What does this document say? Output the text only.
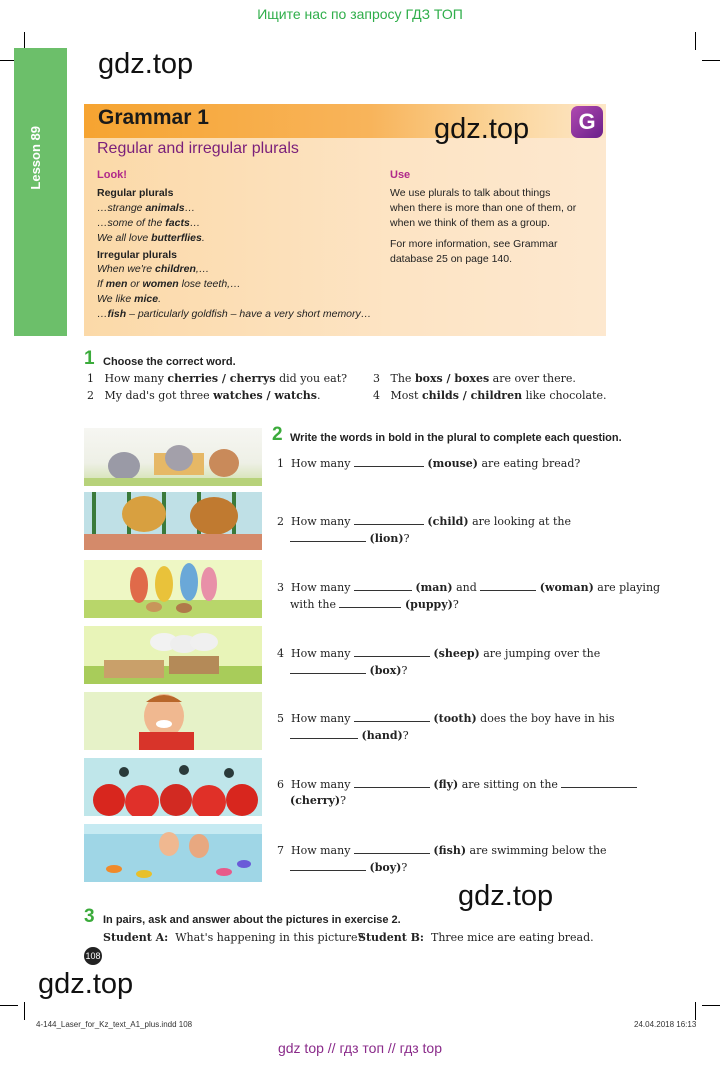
Ищите нас по запросу ГДЗ ТОП
Lesson 89
gdz.top
Grammar 1	gdz.top	G
Regular and irregular plurals
Look!
Regular plurals
…strange animals…
…some of the facts…
We all love butterflies.
Irregular plurals
When we're children,…
If men or women lose teeth,…
We like mice.
…fish – particularly goldfish – have a very short memory…
Use
We use plurals to talk about things
when there is more than one of them, or
when we think of them as a group.
For more information, see Grammar
database 25 on page 140.
1 Choose the correct word.
1 How many cherries / cherrys did you eat?
2 My dad's got three watches / watchs.
3 The boxs / boxes are over there.
4 Most childs / children like chocolate.
2 Write the words in bold in the plural to complete each question.
1 How many	(mouse) are eating bread?
2 How many	(child) are looking at the
(lion)?
3 How many	(man) and	(woman) are playing
with the	(puppy)?
4 How many	(sheep) are jumping over the
(box)?
5 How many	(tooth) does the boy have in his
(hand)?
6 How many	(fly) are sitting on the
(cherry)?
7 How many	(fish) are swimming below the
(boy)?
gdz.top
3 In pairs, ask and answer about the pictures in exercise 2.
Student A: What's happening in this picture?
Student B: Three mice are eating bread.
108
gdz.top
4-144_Laser_for_Kz_text_A1_plus.indd 108	24.04.2018 16:13
gdz top // гдз топ // гдз top
